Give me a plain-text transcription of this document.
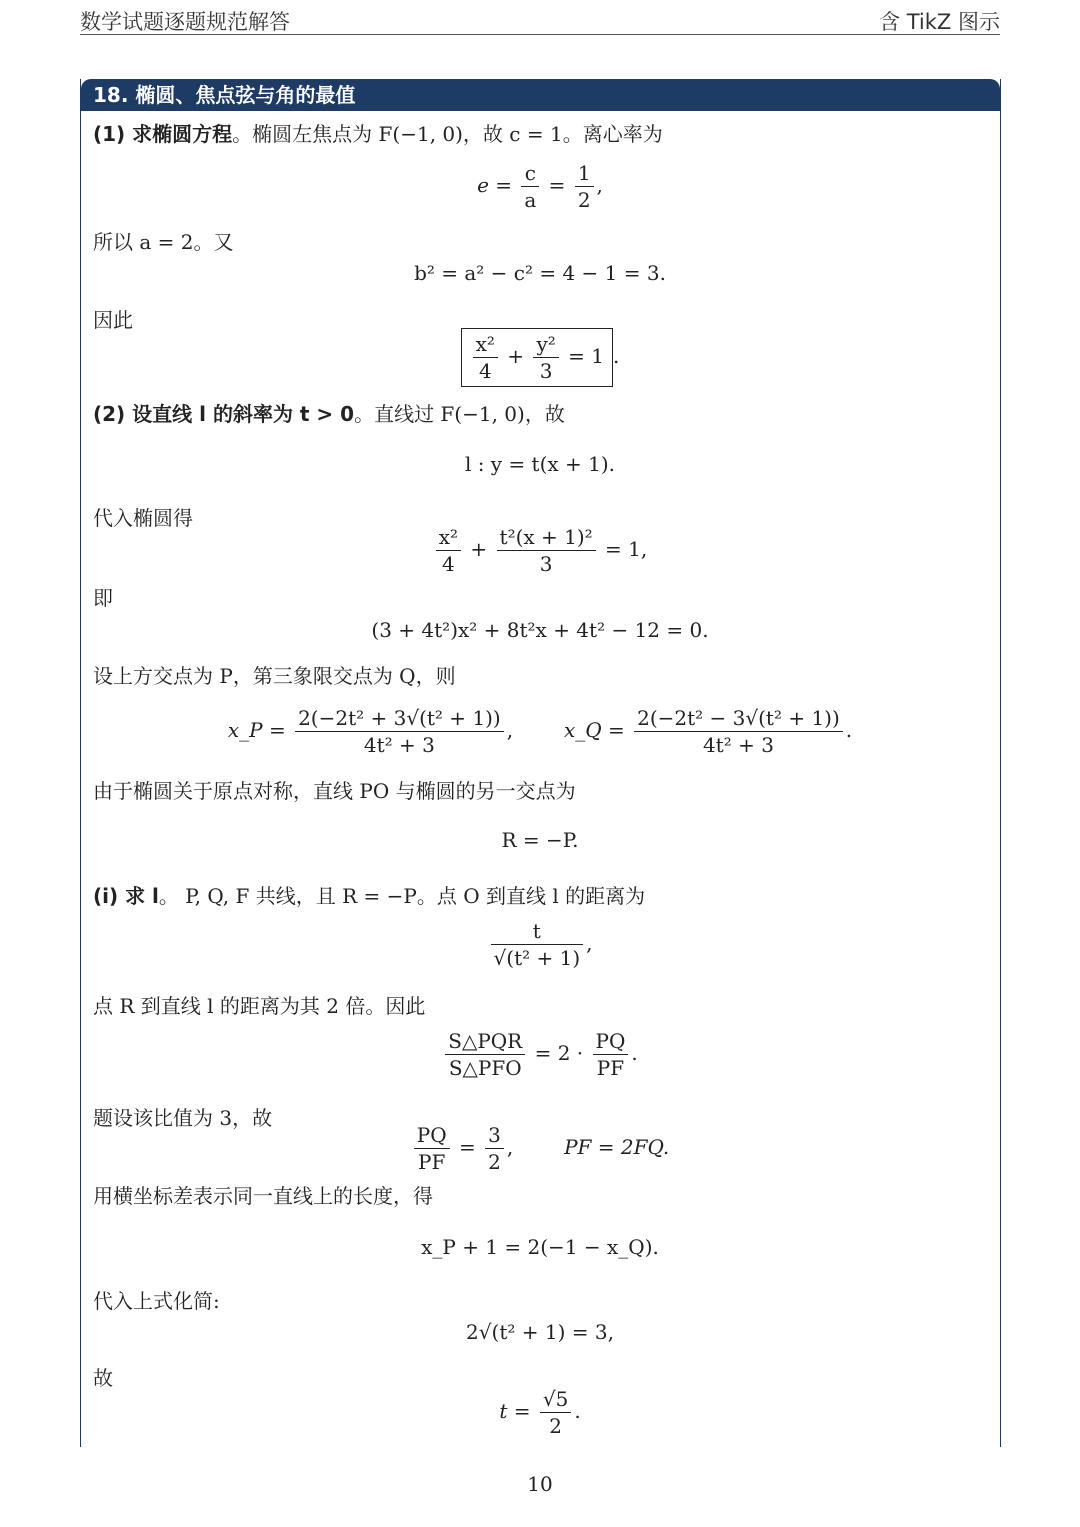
数学试题逐题规范解答	含 TikZ 图示
18. 椭圆、焦点弦与角的最值
(1) 求椭圆方程。椭圆左焦点为 F(−1, 0)，故 c = 1。离心率为
$e = \frac{c}{a} = \frac{1}{2}$ ,
所以 a = 2。又
b² = a² − c² = 4 − 1 = 3.
因此
$\frac{\text{x²}}{4} + \frac{\text{y²}}{3} = 1$ .
(2) 设直线 l 的斜率为 t > 0。直线过 F(−1, 0)，故
l : y = t(x + 1).
代入椭圆得
$\frac{\text{x²}}{4} + \frac{\text{t²(x + 1)²}}{3} = 1$,
即
(3 + 4t²)x² + 8t²x + 4t² − 12 = 0.
设上方交点为 P，第三象限交点为 Q，则
x_P = $\frac{\text{2(−2t² + 3√(t² + 1))}}{\text{4t² + 3}}$ ,        x_Q = $\frac{\text{2(−2t² − 3√(t² + 1))}}{\text{4t² + 3}}$ .
由于椭圆关于原点对称，直线 PO 与椭圆的另一交点为
R = −P.
(i) 求 l。 P, Q, F 共线，且 R = −P。点 O 到直线 l 的距离为
$\frac{t}{\text{√(t² + 1)}}$ ,
点 R 到直线 l 的距离为其 2 倍。因此
$\frac{\text{S△PQR}}{\text{S△PFO}} = 2 \cdot \frac{PQ}{PF}$ .
题设该比值为 3，故
$\frac{PQ}{PF} = \frac{3}{2}$ ,        PF = 2FQ.
用横坐标差表示同一直线上的长度，得
x_P + 1 = 2(−1 − x_Q).
代入上式化简:
2√(t² + 1) = 3,
故
$t = \frac{√5}{2}$ .
10
